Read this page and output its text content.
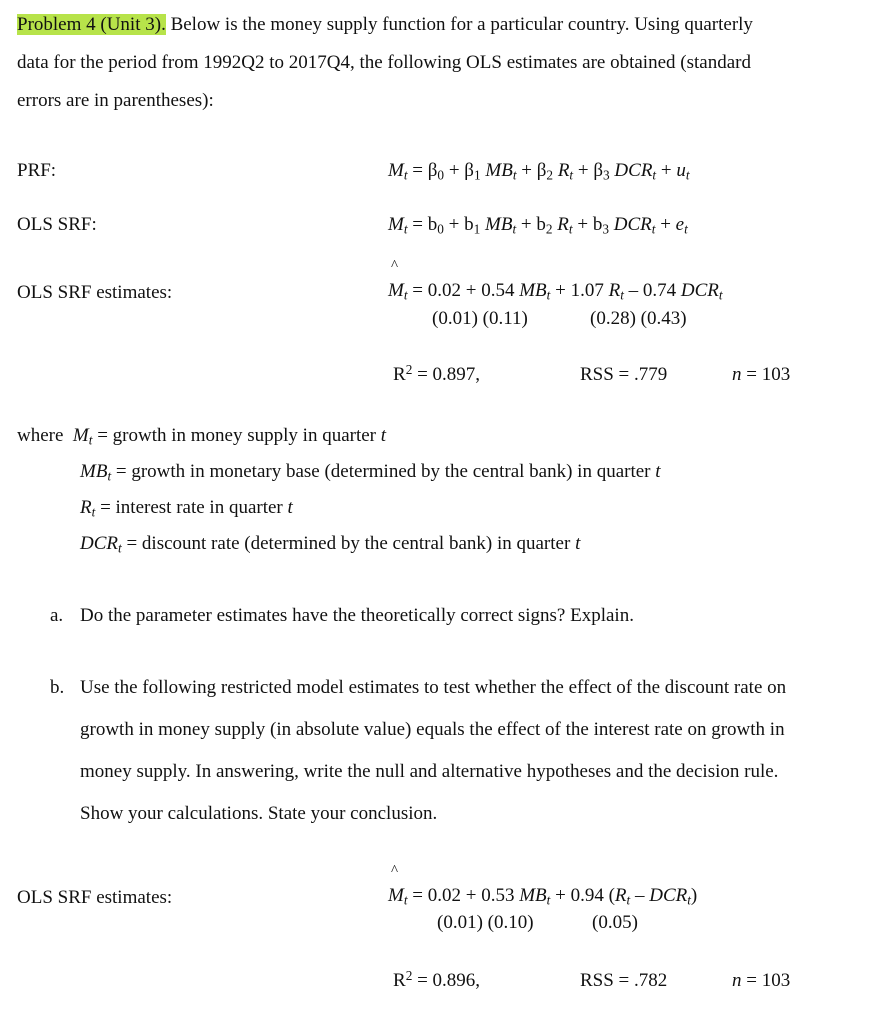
Problem 4 (Unit 3). Below is the money supply function for a particular country. Using quarterly
data for the period from 1992Q2 to 2017Q4, the following OLS estimates are obtained (standard
errors are in parentheses):
PRF:	$M_t = \beta_0 + \beta_1$ $MB_t + \beta_2$ $R_t + \beta_3$ $DCR_t + u_t$
OLS SRF:	$M_t = b_0 + b_1$ $MB_t + b_2$ $R_t + b_3$ $DCR_t + e_t$
OLS SRF estimates:	^ $M_t = 0.02 + 0.54$ $MB_t + 1.07$ $R_t - 0.74$ $DCR_t$
(0.01) (0.11)	(0.28) (0.43)
$R^2 = 0.897$,	RSS = .779	n = 103
where $M_t$ = growth in money supply in quarter t
$MB_t$ = growth in monetary base (determined by the central bank) in quarter t
$R_t$ = interest rate in quarter t
$DCR_t$ = discount rate (determined by the central bank) in quarter t
a. Do the parameter estimates have the theoretically correct signs? Explain.
b. Use the following restricted model estimates to test whether the effect of the discount rate on
growth in money supply (in absolute value) equals the effect of the interest rate on growth in
money supply. In answering, write the null and alternative hypotheses and the decision rule.
Show your calculations. State your conclusion.
OLS SRF estimates:	^ $M_t = 0.02 + 0.53$ $MB_t + 0.94$ $(R_t - DCR_t)$
(0.01) (0.10)	(0.05)
$R^2 = 0.896$,	RSS = .782	n = 103
